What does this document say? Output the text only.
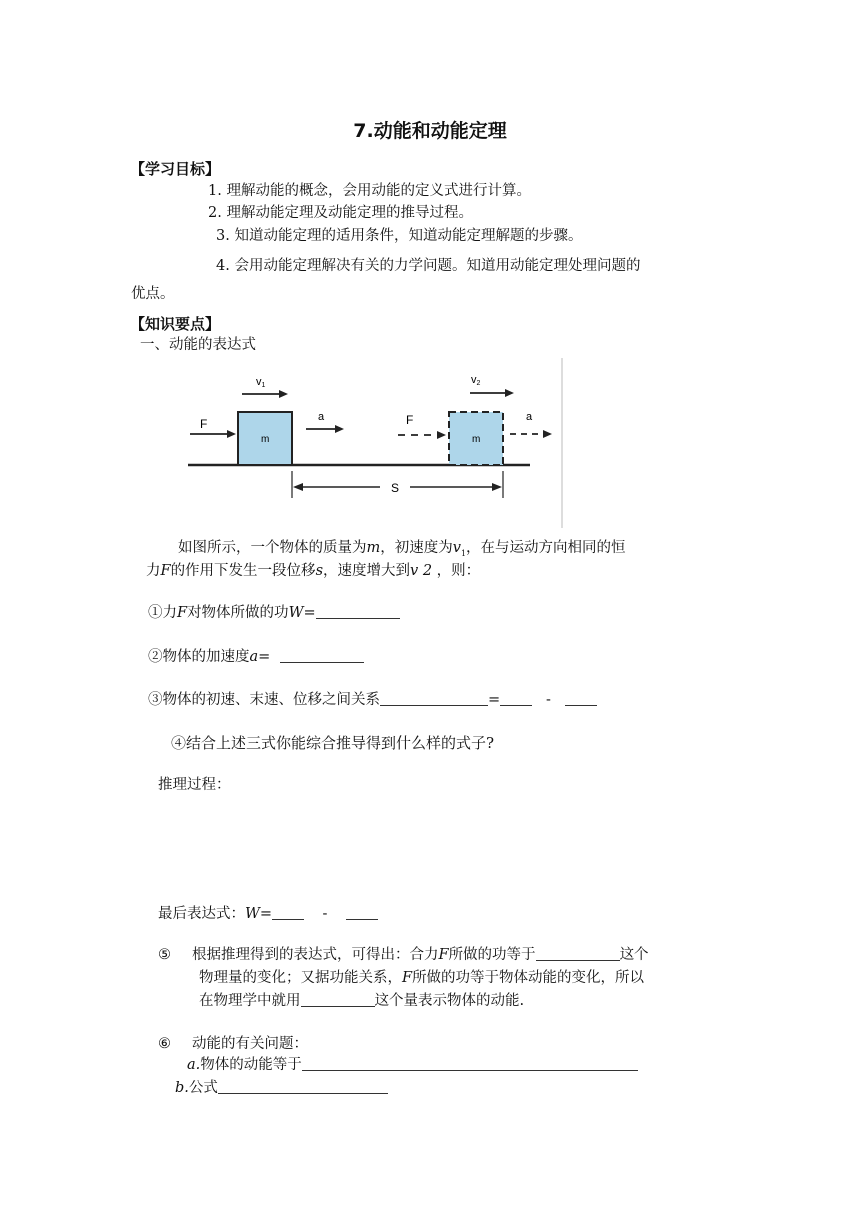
7.动能和动能定理
【学习目标】
1. 理解动能的概念，会用动能的定义式进行计算。
2. 理解动能定理及动能定理的推导过程。
3. 知道动能定理的适用条件，知道动能定理解题的步骤。
4. 会用动能定理解决有关的力学问题。知道用动能定理处理问题的
优点。
【知识要点】
一、动能的表达式
m	m
F
v1
a	F
v2
a
S
如图所示，一个物体的质量为m，初速度为$v_1$，在与运动方向相同的恒
力F的作用下发生一段位移s，速度增大到v 2 ，则：
①力F对物体所做的功W=
②物体的加速度a=
③物体的初速、末速、位移之间关系	=	-
④结合上述三式你能综合推导得到什么样的式子?
推理过程：
最后表达式：W=	-
⑤ 根据推理得到的表达式，可得出：合力F所做的功等于	这个
物理量的变化；又据功能关系，F所做的功等于物体动能的变化，所以
在物理学中就用	这个量表示物体的动能.
⑥ 动能的有关问题：
a.物体的动能等于
b.公式
